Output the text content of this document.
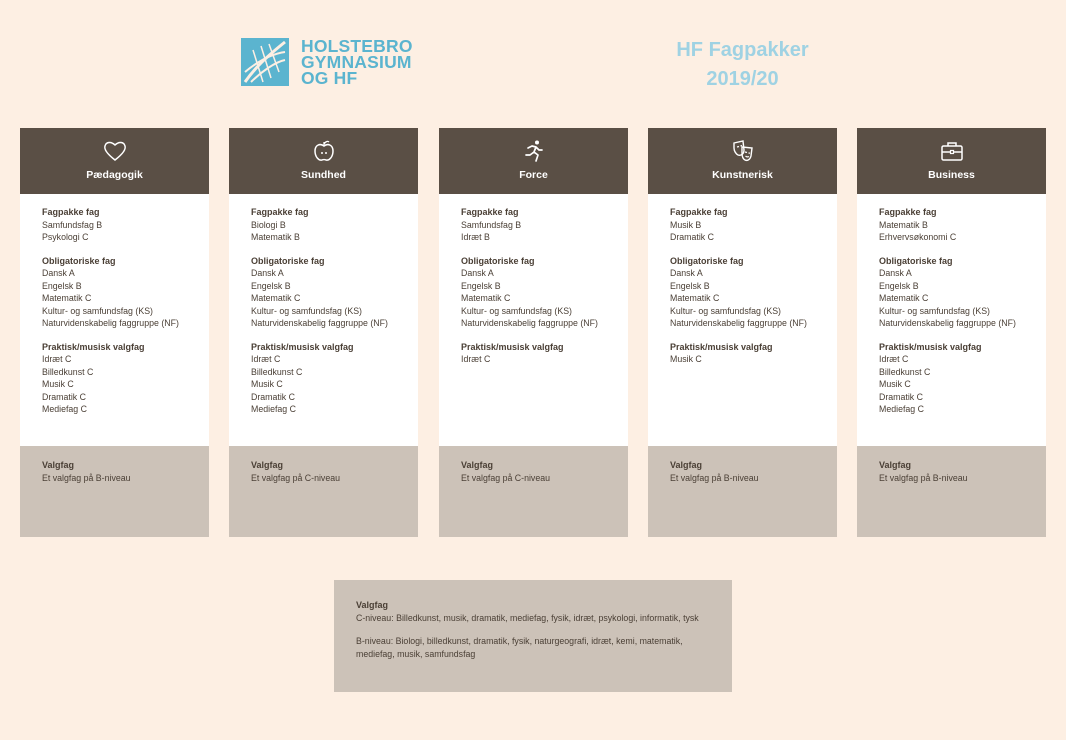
HOLSTEBRO
GYMNASIUM
OG HF
HF Fagpakker
2019/20
Pædagogik
Fagpakke fag
Samfundsfag B
Psykologi C
Obligatoriske fag
Dansk A
Engelsk B
Matematik C
Kultur- og samfundsfag (KS)
Naturvidenskabelig faggruppe (NF)
Praktisk/musisk valgfag
Idræt C
Billedkunst C
Musik C
Dramatik C
Mediefag C
Valgfag
Et valgfag på B-niveau
Sundhed
Fagpakke fag
Biologi B
Matematik B
Obligatoriske fag
Dansk A
Engelsk B
Matematik C
Kultur- og samfundsfag (KS)
Naturvidenskabelig faggruppe (NF)
Praktisk/musisk valgfag
Idræt C
Billedkunst C
Musik C
Dramatik C
Mediefag C
Valgfag
Et valgfag på C-niveau
Force
Fagpakke fag
Samfundsfag B
Idræt B
Obligatoriske fag
Dansk A
Engelsk B
Matematik C
Kultur- og samfundsfag (KS)
Naturvidenskabelig faggruppe (NF)
Praktisk/musisk valgfag
Idræt C
Valgfag
Et valgfag på C-niveau
Kunstnerisk
Fagpakke fag
Musik B
Dramatik C
Obligatoriske fag
Dansk A
Engelsk B
Matematik C
Kultur- og samfundsfag (KS)
Naturvidenskabelig faggruppe (NF)
Praktisk/musisk valgfag
Musik C
Valgfag
Et valgfag på B-niveau
Business
Fagpakke fag
Matematik B
Erhvervsøkonomi C
Obligatoriske fag
Dansk A
Engelsk B
Matematik C
Kultur- og samfundsfag (KS)
Naturvidenskabelig faggruppe (NF)
Praktisk/musisk valgfag
Idræt C
Billedkunst C
Musik C
Dramatik C
Mediefag C
Valgfag
Et valgfag på B-niveau
Valgfag

C-niveau: Billedkunst, musik, dramatik, mediefag, fysik, idræt, psykologi, informatik, tysk

B-niveau: Biologi, billedkunst, dramatik, fysik, naturgeografi, idræt, kemi, matematik, mediefag, musik, samfundsfag
